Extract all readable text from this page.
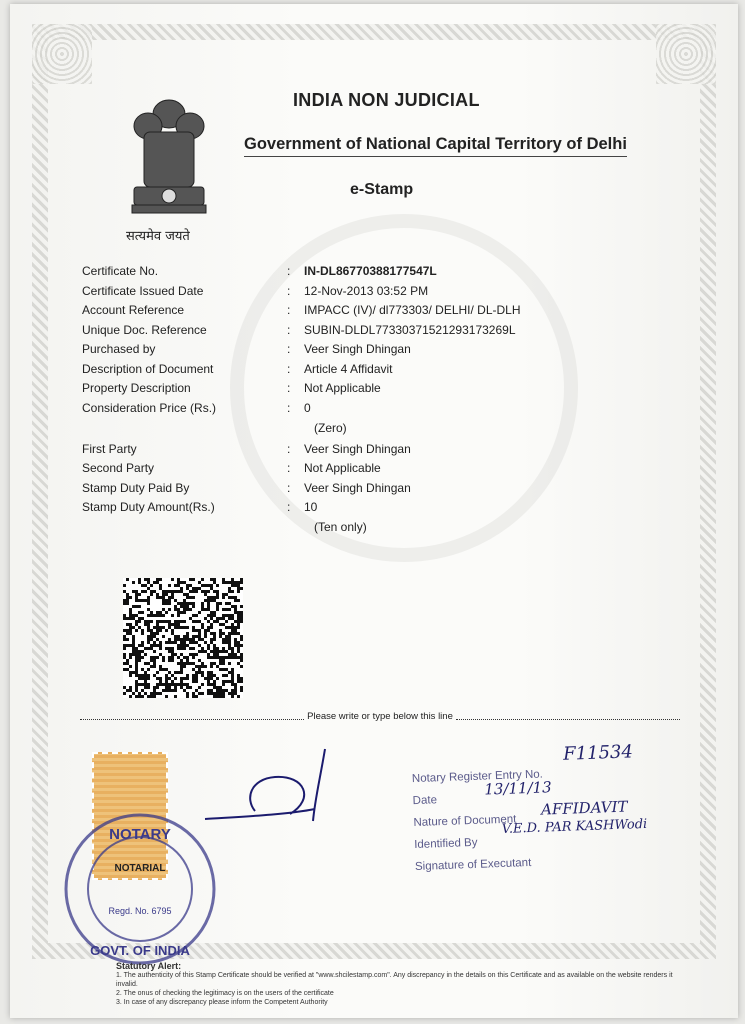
सत्यमेव जयते
INDIA NON JUDICIAL
Government of National Capital Territory of Delhi
e-Stamp
Certificate No.	: IN-DL86770388177547L
Certificate Issued Date	: 12-Nov-2013 03:52 PM
Account Reference	: IMPACC (IV)/ dl773303/ DELHI/ DL-DLH
Unique Doc. Reference	: SUBIN-DLDL77330371521293173269L
Purchased by	: Veer Singh Dhingan
Description of Document	: Article 4 Affidavit
Property Description	: Not Applicable
Consideration Price (Rs.)	: 0
(Zero)
First Party	: Veer Singh Dhingan
Second Party	: Not Applicable
Stamp Duty Paid By	: Veer Singh Dhingan
Stamp Duty Amount(Rs.)	: 10
(Ten only)
Please write or type below this line
NOTARY
NOTARIAL
Regd. No. 6795
GOVT. OF INDIA
Notary Register Entry No.
F11534
Date
13/11/13
Nature of Document
AFFIDAVIT
Identified By
V.E.D. PAR KASHWodi
Signature of Executant
Statutory Alert:
1. The authenticity of this Stamp Certificate should be verified at "www.shcilestamp.com". Any discrepancy in the details on this Certificate and as available on the website renders it invalid.
2. The onus of checking the legitimacy is on the users of the certificate
3. In case of any discrepancy please inform the Competent Authority
